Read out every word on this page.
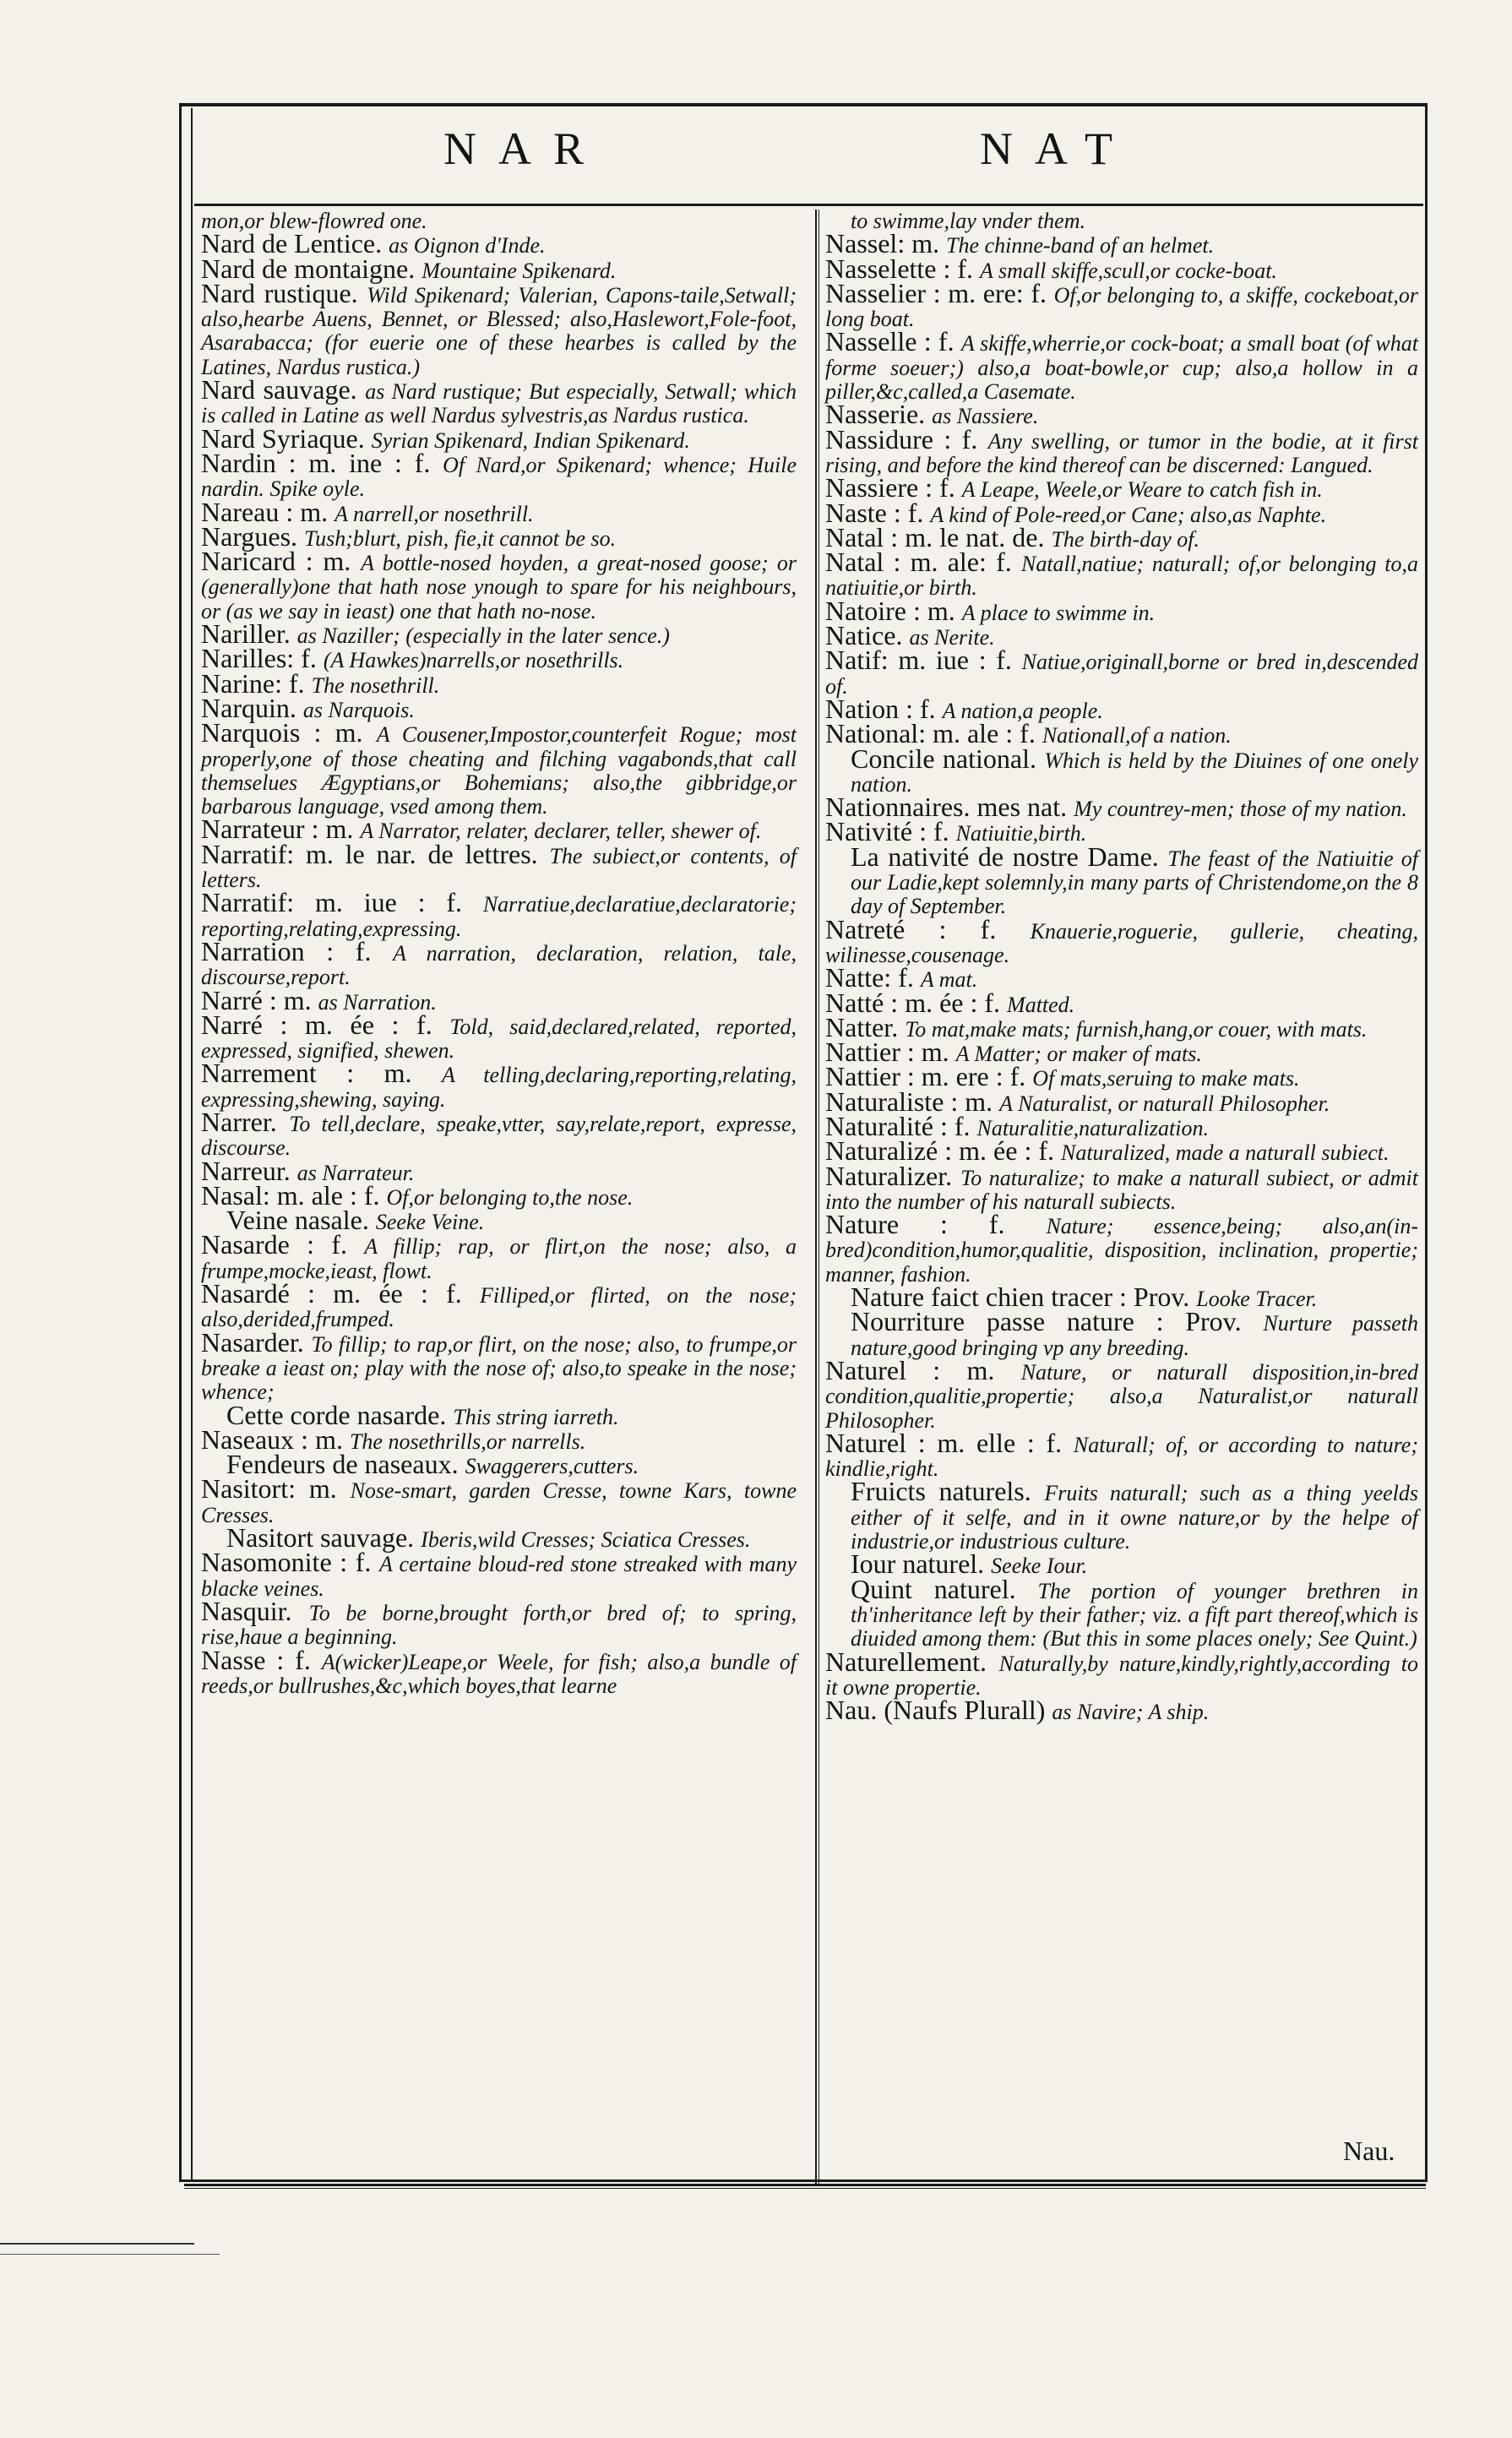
NAR	NAT

mon,or blew-flowred one.

Nard de Lentice. as Oignon d'Inde.

Nard de montaigne. Mountaine Spikenard.

Nard rustique. Wild Spikenard; Valerian, Capons-taile,Setwall; also,hearbe Auens, Bennet, or Blessed; also,Haslewort,Fole-foot, Asarabacca; (for euerie one of these hearbes is called by the Latines, Nardus rustica.)

Nard sauvage. as Nard rustique; But especially, Setwall; which is called in Latine as well Nardus sylvestris,as Nardus rustica.

Nard Syriaque. Syrian Spikenard, Indian Spikenard.

Nardin : m. ine : f. Of Nard,or Spikenard; whence; Huile nardin. Spike oyle.

Nareau : m. A narrell,or nosethrill.

Nargues. Tush;blurt, pish, fie,it cannot be so.

Naricard : m. A bottle-nosed hoyden, a great-nosed goose; or (generally)one that hath nose ynough to spare for his neighbours, or (as we say in ieast) one that hath no-nose.

Nariller. as Naziller; (especially in the later sence.)

Narilles: f. (A Hawkes)narrells,or nosethrills.

Narine: f. The nosethrill.

Narquin. as Narquois.

Narquois : m. A Cousener,Impostor,counterfeit Rogue; most properly,one of those cheating and filching vagabonds,that call themselues Ægyptians,or Bohemians; also,the gibbridge,or barbarous language, vsed among them.

Narrateur : m. A Narrator, relater, declarer, teller, shewer of.

Narratif: m. le nar. de lettres. The subiect,or contents, of letters.

Narratif: m. iue : f. Narratiue,declaratiue,declaratorie; reporting,relating,expressing.

Narration : f. A narration, declaration, relation, tale, discourse,report.

Narré : m. as Narration.

Narré : m. ée : f. Told, said,declared,related, reported, expressed, signified, shewen.

Narrement : m. A telling,declaring,reporting,relating, expressing,shewing, saying.

Narrer. To tell,declare, speake,vtter, say,relate,report, expresse, discourse.

Narreur. as Narrateur.

Nasal: m. ale : f. Of,or belonging to,the nose.

Veine nasale. Seeke Veine.

Nasarde : f. A fillip; rap, or flirt,on the nose; also, a frumpe,mocke,ieast, flowt.

Nasardé : m. ée : f. Filliped,or flirted, on the nose; also,derided,frumped.

Nasarder. To fillip; to rap,or flirt, on the nose; also, to frumpe,or breake a ieast on; play with the nose of; also,to speake in the nose; whence;

Cette corde nasarde. This string iarreth.

Naseaux : m. The nosethrills,or narrells.

Fendeurs de naseaux. Swaggerers,cutters.

Nasitort: m. Nose-smart, garden Cresse, towne Kars, towne Cresses.

Nasitort sauvage. Iberis,wild Cresses; Sciatica Cresses.

Nasomonite : f. A certaine bloud-red stone streaked with many blacke veines.

Nasquir. To be borne,brought forth,or bred of; to spring, rise,haue a beginning.

Nasse : f. A(wicker)Leape,or Weele, for fish; also,a bundle of reeds,or bullrushes,&c,which boyes,that learne

to swimme,lay vnder them.

Nassel: m. The chinne-band of an helmet.

Nasselette : f. A small skiffe,scull,or cocke-boat.

Nasselier : m. ere: f. Of,or belonging to, a skiffe, cockeboat,or long boat.

Nasselle : f. A skiffe,wherrie,or cock-boat; a small boat (of what forme soeuer;) also,a boat-bowle,or cup; also,a hollow in a piller,&c,called,a Casemate.

Nasserie. as Nassiere.

Nassidure : f. Any swelling, or tumor in the bodie, at it first rising, and before the kind thereof can be discerned: Langued.

Nassiere : f. A Leape, Weele,or Weare to catch fish in.

Naste : f. A kind of Pole-reed,or Cane; also,as Naphte.

Natal : m. le nat. de. The birth-day of.

Natal : m. ale: f. Natall,natiue; naturall; of,or belonging to,a natiuitie,or birth.

Natoire : m. A place to swimme in.

Natice. as Nerite.

Natif: m. iue : f. Natiue,originall,borne or bred in,descended of.

Nation : f. A nation,a people.

National: m. ale : f. Nationall,of a nation.

Concile national. Which is held by the Diuines of one onely nation.

Nationnaires. mes nat. My countrey-men; those of my nation.

Nativité : f. Natiuitie,birth.

La nativité de nostre Dame. The feast of the Natiuitie of our Ladie,kept solemnly,in many parts of Christendome,on the 8 day of September.

Natreté : f. Knauerie,roguerie, gullerie, cheating, wilinesse,cousenage.

Natte: f. A mat.

Natté : m. ée : f. Matted.

Natter. To mat,make mats; furnish,hang,or couer, with mats.

Nattier : m. A Matter; or maker of mats.

Nattier : m. ere : f. Of mats,seruing to make mats.

Naturaliste : m. A Naturalist, or naturall Philosopher.

Naturalité : f. Naturalitie,naturalization.

Naturalizé : m. ée : f. Naturalized, made a naturall subiect.

Naturalizer. To naturalize; to make a naturall subiect, or admit into the number of his naturall subiects.

Nature : f. Nature; essence,being; also,an(in-bred)condition,humor,qualitie, disposition, inclination, propertie; manner, fashion.

Nature faict chien tracer : Prov. Looke Tracer.

Nourriture passe nature : Prov. Nurture passeth nature,good bringing vp any breeding.

Naturel : m. Nature, or naturall disposition,in-bred condition,qualitie,propertie; also,a Naturalist,or naturall Philosopher.

Naturel : m. elle : f. Naturall; of, or according to nature; kindlie,right.

Fruicts naturels. Fruits naturall; such as a thing yeelds either of it selfe, and in it owne nature,or by the helpe of industrie,or industrious culture.

Iour naturel. Seeke Iour.

Quint naturel. The portion of younger brethren in th'inheritance left by their father; viz. a fift part thereof,which is diuided among them: (But this in some places onely; See Quint.)

Naturellement. Naturally,by nature,kindly,rightly,according to it owne propertie.

Nau. (Naufs Plurall) as Navire; A ship.

Nau.
